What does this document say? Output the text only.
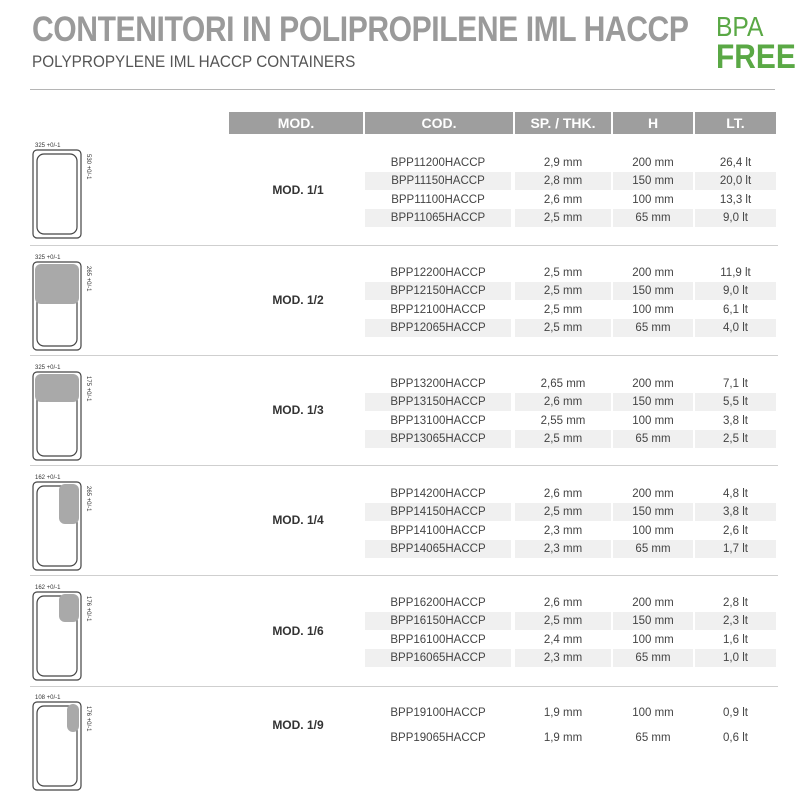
CONTENITORI IN POLIPROPILENE IML HACCP
POLYPROPYLENE IML HACCP CONTAINERS
BPA
FREE
MOD.	COD.	SP. / THK.	H	LT.
325 +0/-1
530 +0/-1
MOD. 1/1
BPP11200HACCP	2,9 mm	200 mm	26,4 lt
BPP11150HACCP	2,8 mm	150 mm	20,0 lt
BPP11100HACCP	2,6 mm	100 mm	13,3 lt
BPP11065HACCP	2,5 mm	65 mm	9,0 lt
325 +0/-1
265 +0/-1
MOD. 1/2
BPP12200HACCP	2,5 mm	200 mm	11,9 lt
BPP12150HACCP	2,5 mm	150 mm	9,0 lt
BPP12100HACCP	2,5 mm	100 mm	6,1 lt
BPP12065HACCP	2,5 mm	65 mm	4,0 lt
325 +0/-1
175 +0/-1
MOD. 1/3
BPP13200HACCP	2,65 mm	200 mm	7,1 lt
BPP13150HACCP	2,6 mm	150 mm	5,5 lt
BPP13100HACCP	2,55 mm	100 mm	3,8 lt
BPP13065HACCP	2,5 mm	65 mm	2,5 lt
162 +0/-1
265 +0/-1
MOD. 1/4
BPP14200HACCP	2,6 mm	200 mm	4,8 lt
BPP14150HACCP	2,5 mm	150 mm	3,8 lt
BPP14100HACCP	2,3 mm	100 mm	2,6 lt
BPP14065HACCP	2,3 mm	65 mm	1,7 lt
162 +0/-1
176 +0/-1
MOD. 1/6
BPP16200HACCP	2,6 mm	200 mm	2,8 lt
BPP16150HACCP	2,5 mm	150 mm	2,3 lt
BPP16100HACCP	2,4 mm	100 mm	1,6 lt
BPP16065HACCP	2,3 mm	65 mm	1,0 lt
108 +0/-1
176 +0/-1	MOD. 1/9
BPP19100HACCP	1,9 mm	100 mm	0,9 lt
BPP19065HACCP	1,9 mm	65 mm	0,6 lt
